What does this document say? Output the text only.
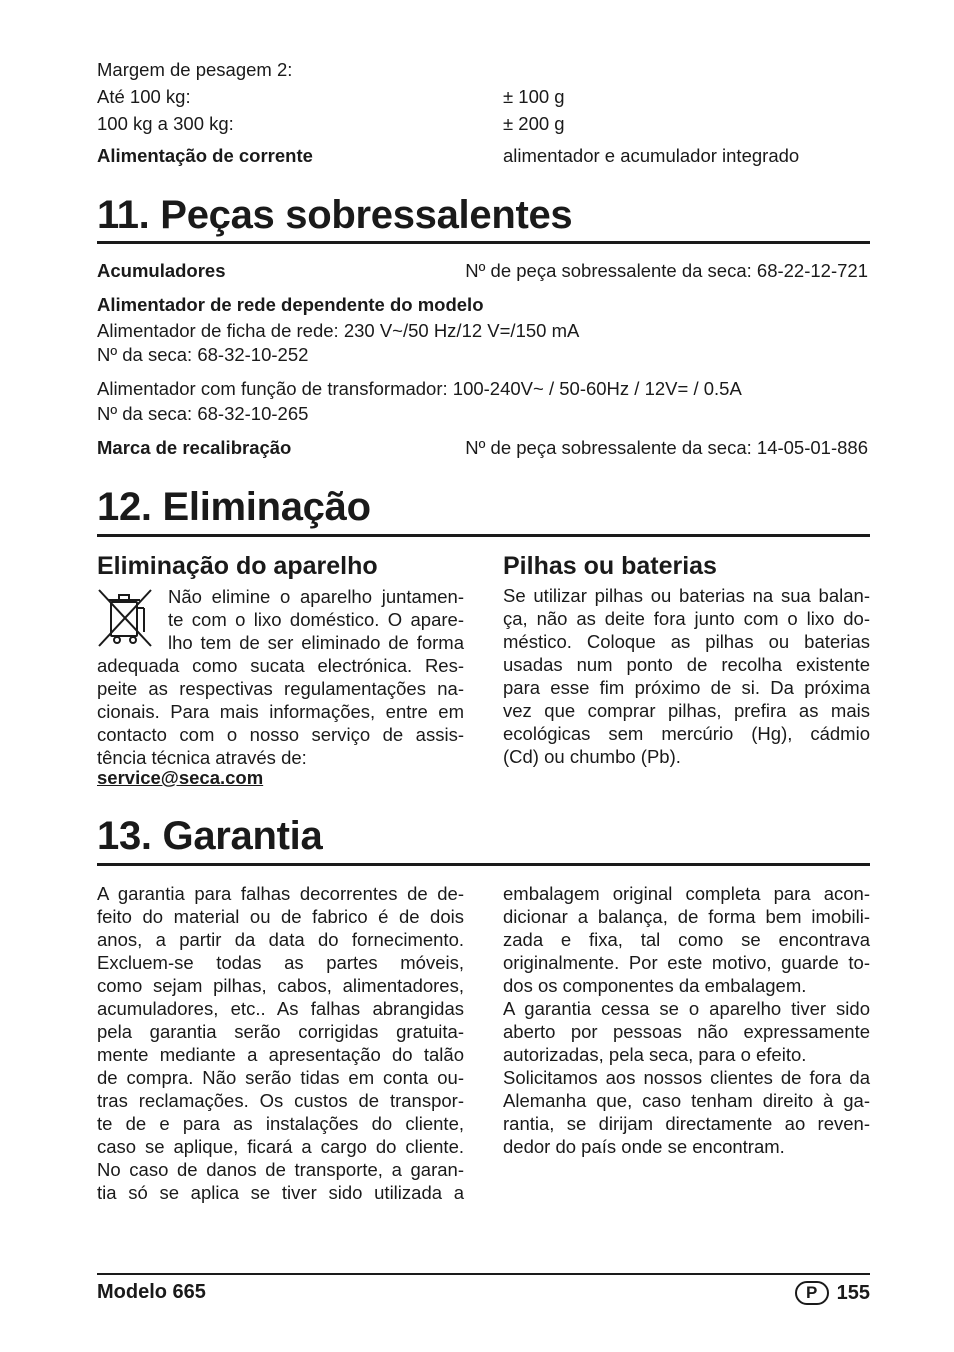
Margem de pesagem 2:
Até 100 kg:	± 100 g
100 kg a 300 kg:	± 200 g
Alimentação de corrente	alimentador e acumulador integrado
11. Peças sobressalentes
Acumuladores	Nº de peça sobressalente da seca: 68-22-12-721
Alimentador de rede dependente do modelo
Alimentador de ficha de rede: 230 V~/50 Hz/12 V=/150 mA
Nº da seca: 68-32-10-252
Alimentador com função de transformador: 100-240V~ / 50-60Hz / 12V= / 0.5A
Nº da seca: 68-32-10-265
Marca de recalibração	Nº de peça sobressalente da seca: 14-05-01-886
12. Eliminação
Eliminação do aparelho
Não elimine o aparelho juntamen-
te com o lixo doméstico. O apare-
lho tem de ser eliminado de forma
adequada como sucata electrónica. Res-
peite as respectivas regulamentações na-
cionais. Para mais informações, entre em
contacto com o nosso serviço de assis-
tência técnica através de:
service@seca.com
Pilhas ou baterias
Se utilizar pilhas ou baterias na sua balan-
ça, não as deite fora junto com o lixo do-
méstico. Coloque as pilhas ou baterias
usadas num ponto de recolha existente
para esse fim próximo de si. Da próxima
vez que comprar pilhas, prefira as mais
ecológicas sem mercúrio (Hg), cádmio
(Cd) ou chumbo (Pb).
13. Garantia
A garantia para falhas decorrentes de de-
feito do material ou de fabrico é de dois
anos, a partir da data do fornecimento.
Excluem-se todas as partes móveis,
como sejam pilhas, cabos, alimentadores,
acumuladores, etc.. As falhas abrangidas
pela garantia serão corrigidas gratuita-
mente mediante a apresentação do talão
de compra. Não serão tidas em conta ou-
tras reclamações. Os custos de transpor-
te de e para as instalações do cliente,
caso se aplique, ficará a cargo do cliente.
No caso de danos de transporte, a garan-
tia só se aplica se tiver sido utilizada a
embalagem original completa para acon-
dicionar a balança, de forma bem imobili-
zada e fixa, tal como se encontrava
originalmente. Por este motivo, guarde to-
dos os componentes da embalagem.
A garantia cessa se o aparelho tiver sido
aberto por pessoas não expressamente
autorizadas, pela seca, para o efeito.
Solicitamos aos nossos clientes de fora da
Alemanha que, caso tenham direito à ga-
rantia, se dirijam directamente ao reven-
dedor do país onde se encontram.
Modelo 665	P 155
